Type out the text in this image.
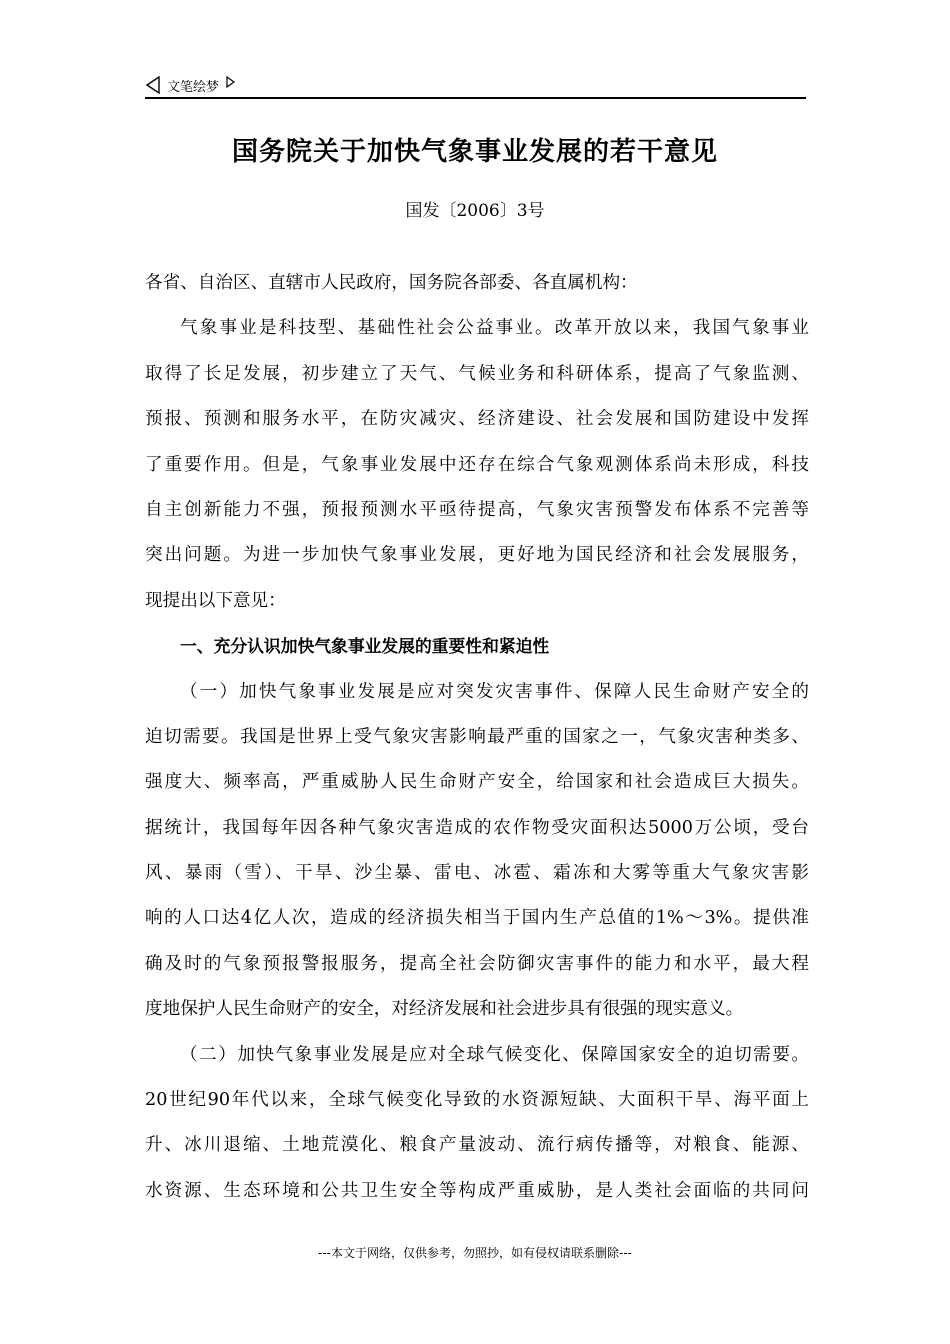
文笔绘梦
国务院关于加快气象事业发展的若干意见
国发〔2006〕3号
各省、自治区、直辖市人民政府，国务院各部委、各直属机构：
气象事业是科技型、基础性社会公益事业。改革开放以来，我国气象事业
取得了长足发展，初步建立了天气、气候业务和科研体系，提高了气象监测、
预报、预测和服务水平，在防灾减灾、经济建设、社会发展和国防建设中发挥
了重要作用。但是，气象事业发展中还存在综合气象观测体系尚未形成，科技
自主创新能力不强，预报预测水平亟待提高，气象灾害预警发布体系不完善等
突出问题。为进一步加快气象事业发展，更好地为国民经济和社会发展服务，
现提出以下意见：
一、充分认识加快气象事业发展的重要性和紧迫性
（一）加快气象事业发展是应对突发灾害事件、保障人民生命财产安全的
迫切需要。我国是世界上受气象灾害影响最严重的国家之一，气象灾害种类多、
强度大、频率高，严重威胁人民生命财产安全，给国家和社会造成巨大损失。
据统计，我国每年因各种气象灾害造成的农作物受灾面积达5000万公顷，受台
风、暴雨（雪）、干旱、沙尘暴、雷电、冰雹、霜冻和大雾等重大气象灾害影
响的人口达4亿人次，造成的经济损失相当于国内生产总值的1%～3%。提供准
确及时的气象预报警报服务，提高全社会防御灾害事件的能力和水平，最大程
度地保护人民生命财产的安全，对经济发展和社会进步具有很强的现实意义。
（二）加快气象事业发展是应对全球气候变化、保障国家安全的迫切需要。
20世纪90年代以来，全球气候变化导致的水资源短缺、大面积干旱、海平面上
升、冰川退缩、土地荒漠化、粮食产量波动、流行病传播等，对粮食、能源、
水资源、生态环境和公共卫生安全等构成严重威胁，是人类社会面临的共同问
---本文于网络，仅供参考，勿照抄，如有侵权请联系删除---
